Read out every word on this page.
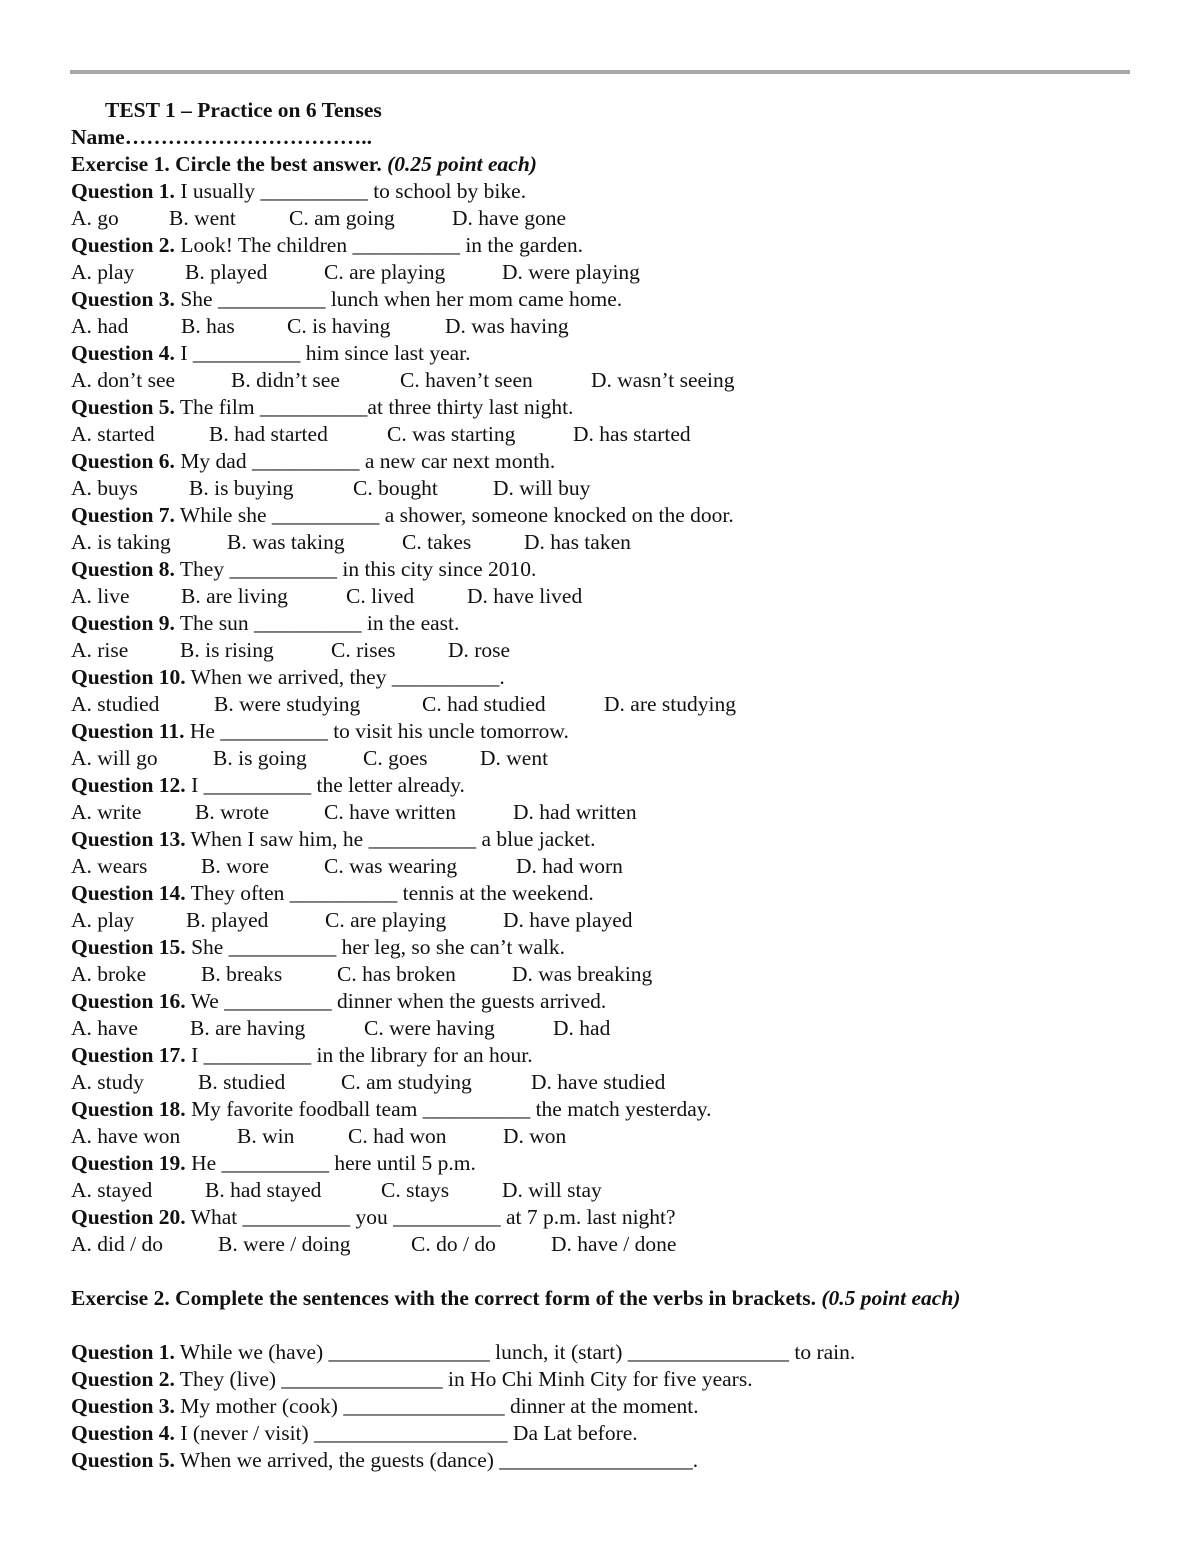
TEST 1 – Practice on 6 Tenses
Name……………………………..
Exercise 1. Circle the best answer. (0.25 point each)
Question 1. I usually __________ to school by bike.
A. go	B. went	C. am going	D. have gone
Question 2. Look! The children __________ in the garden.
A. play	B. played	C. are playing	D. were playing
Question 3. She __________ lunch when her mom came home.
A. had	B. has	C. is having	D. was having
Question 4. I __________ him since last year.
A. don’t see	B. didn’t see	C. haven’t seen	D. wasn’t seeing
Question 5. The film __________at three thirty last night.
A. started	B. had started	C. was starting	D. has started
Question 6. My dad __________ a new car next month.
A. buys	B. is buying	C. bought	D. will buy
Question 7. While she __________ a shower, someone knocked on the door.
A. is taking	B. was taking	C. takes	D. has taken
Question 8. They __________ in this city since 2010.
A. live	B. are living	C. lived	D. have lived
Question 9. The sun __________ in the east.
A. rise	B. is rising	C. rises	D. rose
Question 10. When we arrived, they __________.
A. studied	B. were studying	C. had studied	D. are studying
Question 11. He __________ to visit his uncle tomorrow.
A. will go	B. is going	C. goes	D. went
Question 12. I __________ the letter already.
A. write	B. wrote	C. have written	D. had written
Question 13. When I saw him, he __________ a blue jacket.
A. wears	B. wore	C. was wearing	D. had worn
Question 14. They often __________ tennis at the weekend.
A. play	B. played	C. are playing	D. have played
Question 15. She __________ her leg, so she can’t walk.
A. broke	B. breaks	C. has broken	D. was breaking
Question 16. We __________ dinner when the guests arrived.
A. have	B. are having	C. were having	D. had
Question 17. I __________ in the library for an hour.
A. study	B. studied	C. am studying	D. have studied
Question 18. My favorite foodball team __________ the match yesterday.
A. have won	B. win	C. had won	D. won
Question 19. He __________ here until 5 p.m.
A. stayed	B. had stayed	C. stays	D. will stay
Question 20. What __________ you __________ at 7 p.m. last night?
A. did / do	B. were / doing	C. do / do	D. have / done
Exercise 2. Complete the sentences with the correct form of the verbs in brackets. (0.5 point each)
Question 1. While we (have) _______________ lunch, it (start) _______________ to rain.
Question 2. They (live) _______________ in Ho Chi Minh City for five years.
Question 3. My mother (cook) _______________ dinner at the moment.
Question 4. I (never / visit) __________________ Da Lat before.
Question 5. When we arrived, the guests (dance) __________________.
